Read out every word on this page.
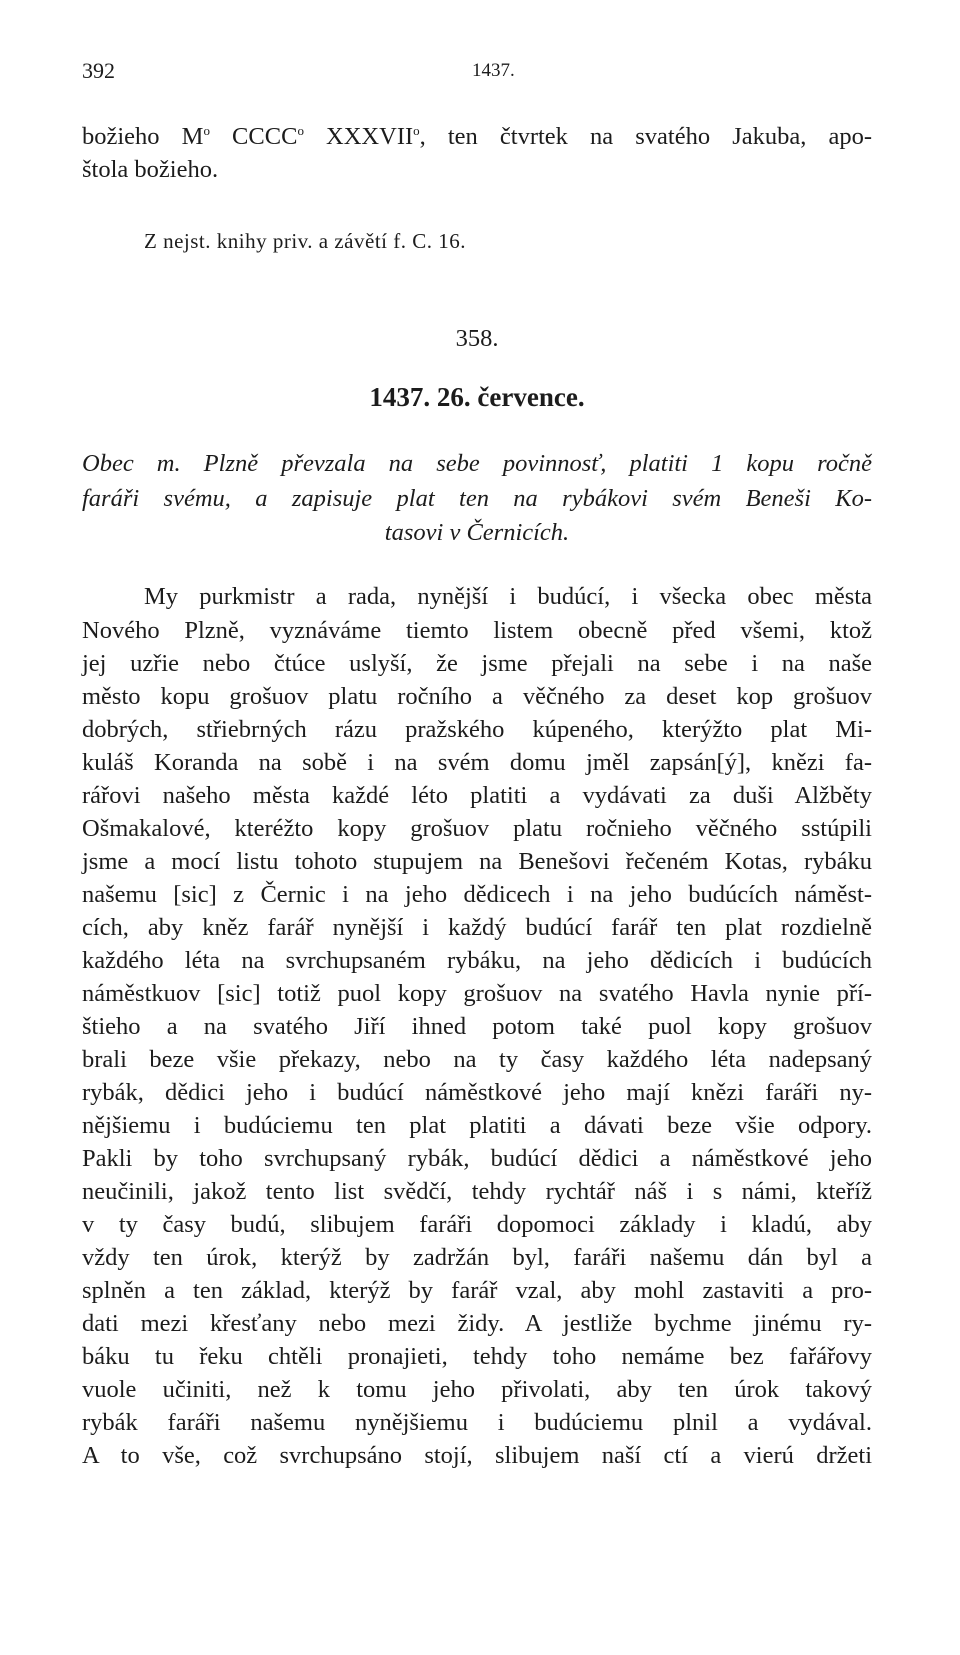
392	1437.
božieho $M^o$ CCCC$^o$ XXXVII$^o$, ten čtvrtek na svatého Jakuba, apo-
štola božieho.
Z nejst. knihy priv. a závětí f. C. 16.
358.
1437. 26. července.
Obec m. Plzně převzala na sebe povinnosť, platiti 1 kopu ročně
faráři svému, a zapisuje plat ten na rybákovi svém Beneši Ko-
tasovi v Černicích.
My purkmistr a rada, nynější i budúcí, i všecka obec města
Nového Plzně, vyznáváme tiemto listem obecně před všemi, ktož
jej uzřie nebo čtúce uslyší, že jsme přejali na sebe i na naše
město kopu grošuov platu ročního a věčného za deset kop grošuov
dobrých, střiebrných rázu pražského kúpeného, kterýžto plat Mi-
kuláš Koranda na sobě i na svém domu jměl zapsán[ý], knězi fa-
rářovi našeho města každé léto platiti a vydávati za duši Alžběty
Ošmakalové, kteréžto kopy grošuov platu ročnieho věčného sstúpili
jsme a mocí listu tohoto stupujem na Benešovi řečeném Kotas, rybáku
našemu [sic] z Černic i na jeho dědicech i na jeho budúcích náměst-
cích, aby kněz farář nynější i každý budúcí farář ten plat rozdielně
každého léta na svrchupsaném rybáku, na jeho dědicích i budúcích
náměstkuov [sic] totiž puol kopy grošuov na svatého Havla nynie pří-
štieho a na svatého Jiří ihned potom také puol kopy grošuov
brali beze všie překazy, nebo na ty časy každého léta nadepsaný
rybák, dědici jeho i budúcí náměstkové jeho mají knězi faráři ny-
nějšiemu i budúciemu ten plat platiti a dávati beze všie odpory.
Pakli by toho svrchupsaný rybák, budúcí dědici a náměstkové jeho
neučinili, jakož tento list svědčí, tehdy rychtář náš i s námi, kteříž
v ty časy budú, slibujem faráři dopomoci základy i kladú, aby
vždy ten úrok, kterýž by zadržán byl, faráři našemu dán byl a
splněn a ten základ, kterýž by farář vzal, aby mohl zastaviti a pro-
dati mezi křesťany nebo mezi židy. A jestliže bychme jinému ry-
báku tu řeku chtěli pronajieti, tehdy toho nemáme bez fařářovy
vuole učiniti, než k tomu jeho přivolati, aby ten úrok takový
rybák faráři našemu nynějšiemu i budúciemu plnil a vydával.
A to vše, což svrchupsáno stojí, slibujem naší ctí a vierú držeti
